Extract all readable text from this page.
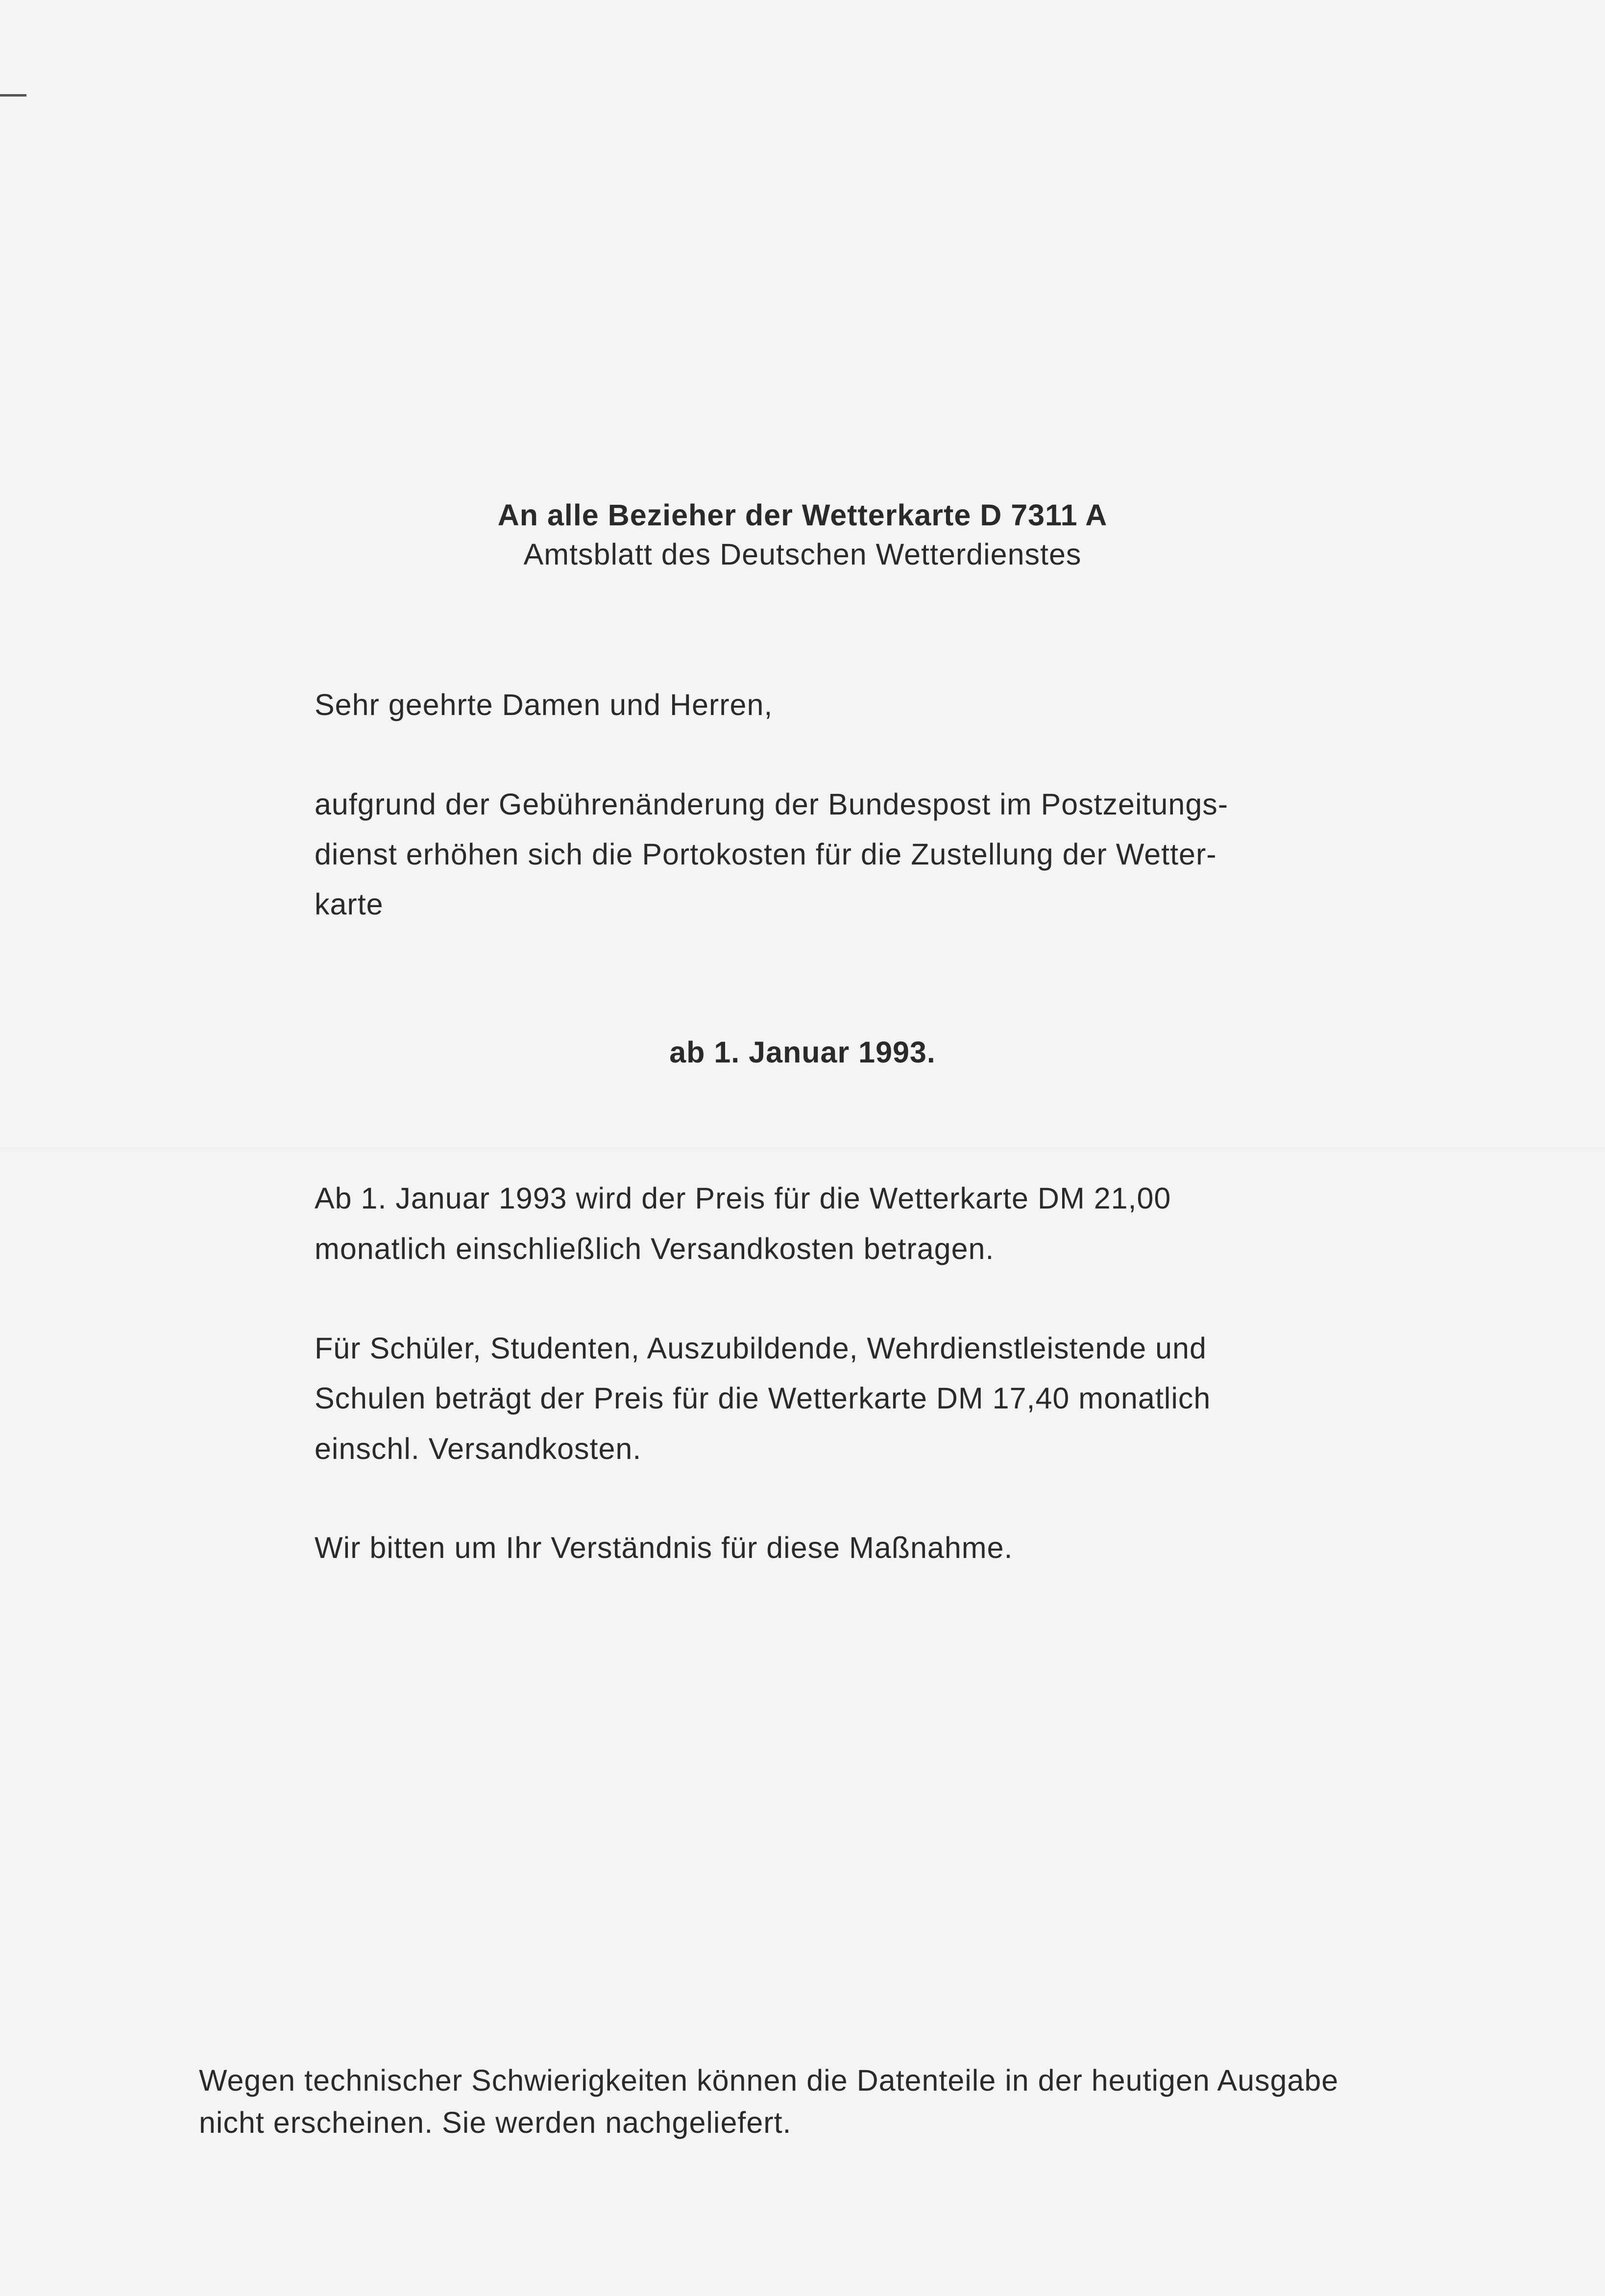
An alle Bezieher der Wetterkarte D 7311 A

Amtsblatt des Deutschen Wetterdienstes

Sehr geehrte Damen und Herren,

aufgrund der Gebührenänderung der Bundespost im Postzeitungs-

dienst erhöhen sich die Portokosten für die Zustellung der Wetter-

karte

ab 1. Januar 1993.

Ab 1. Januar 1993 wird der Preis für die Wetterkarte DM 21,00

monatlich einschließlich Versandkosten betragen.

Für Schüler, Studenten, Auszubildende, Wehrdienstleistende und

Schulen beträgt der Preis für die Wetterkarte DM 17,40 monatlich

einschl. Versandkosten.

Wir bitten um Ihr Verständnis für diese Maßnahme.

Wegen technischer Schwierigkeiten können die Datenteile in der heutigen Ausgabe

nicht erscheinen. Sie werden nachgeliefert.
